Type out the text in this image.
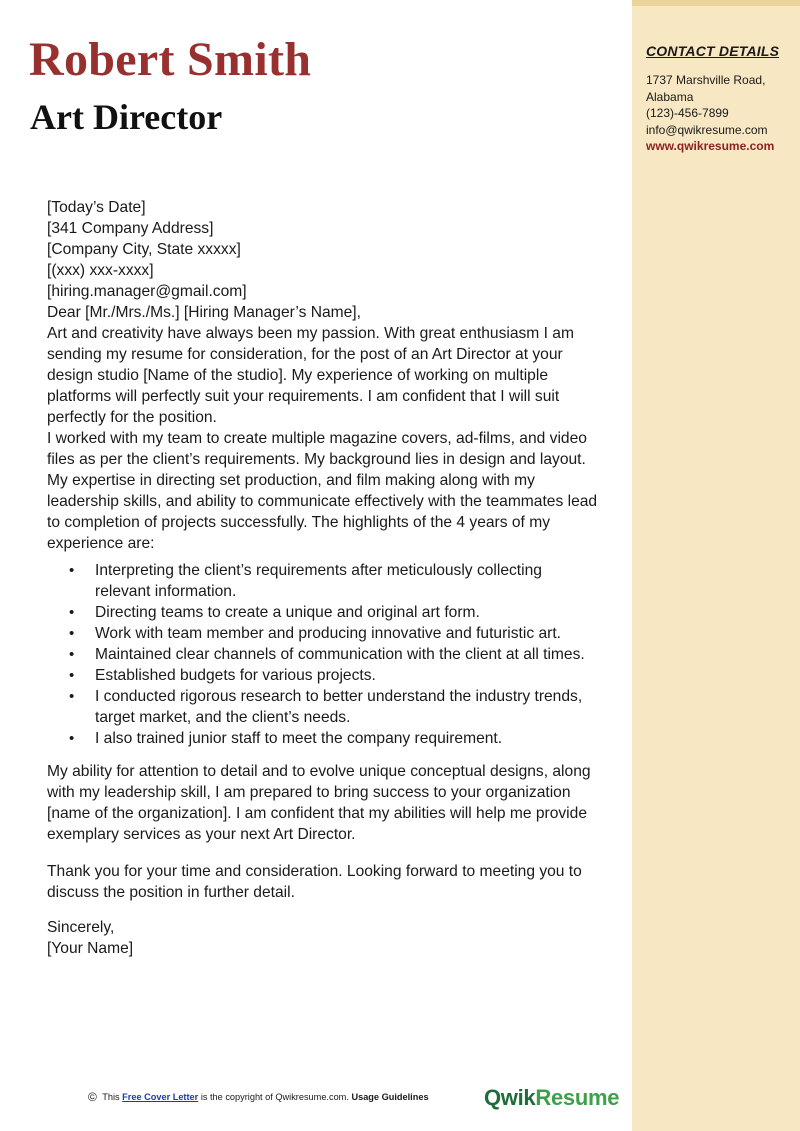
CONTACT DETAILS
1737 Marshville Road,
Alabama
(123)-456-7899
info@qwikresume.com
www.qwikresume.com
Robert Smith
Art Director

[Today’s Date]

[341 Company Address]
[Company City, State xxxxx]
[(xxx) xxx-xxxx]
[hiring.manager@gmail.com]

Dear [Mr./Mrs./Ms.] [Hiring Manager’s Name],

Art and creativity have always been my passion. With great enthusiasm I am sending my resume for consideration, for the post of an Art Director at your design studio [Name of the studio]. My experience of working on multiple platforms will perfectly suit your requirements. I am confident that I will suit perfectly for the position.

I worked with my team to create multiple magazine covers, ad-films, and video files as per the client’s requirements. My background lies in design and layout. My expertise in directing set production, and film making along with my leadership skills, and ability to communicate effectively with the teammates lead to completion of projects successfully. The highlights of the 4 years of my experience are:

• Interpreting the client’s requirements after meticulously collecting relevant information.
• Directing teams to create a unique and original art form.
• Work with team member and producing innovative and futuristic art.
• Maintained clear channels of communication with the client at all times.
• Established budgets for various projects.
• I conducted rigorous research to better understand the industry trends, target market, and the client’s needs.
• I also trained junior staff to meet the company requirement.

My ability for attention to detail and to evolve unique conceptual designs, along with my leadership skill, I am prepared to bring success to your organization [name of the organization]. I am confident that my abilities will help me provide exemplary services as your next Art Director.

Thank you for your time and consideration. Looking forward to meeting you to discuss the position in further detail.

Sincerely,
[Your Name]

© This Free Cover Letter is the copyright of Qwikresume.com. Usage Guidelines	QwikResume
